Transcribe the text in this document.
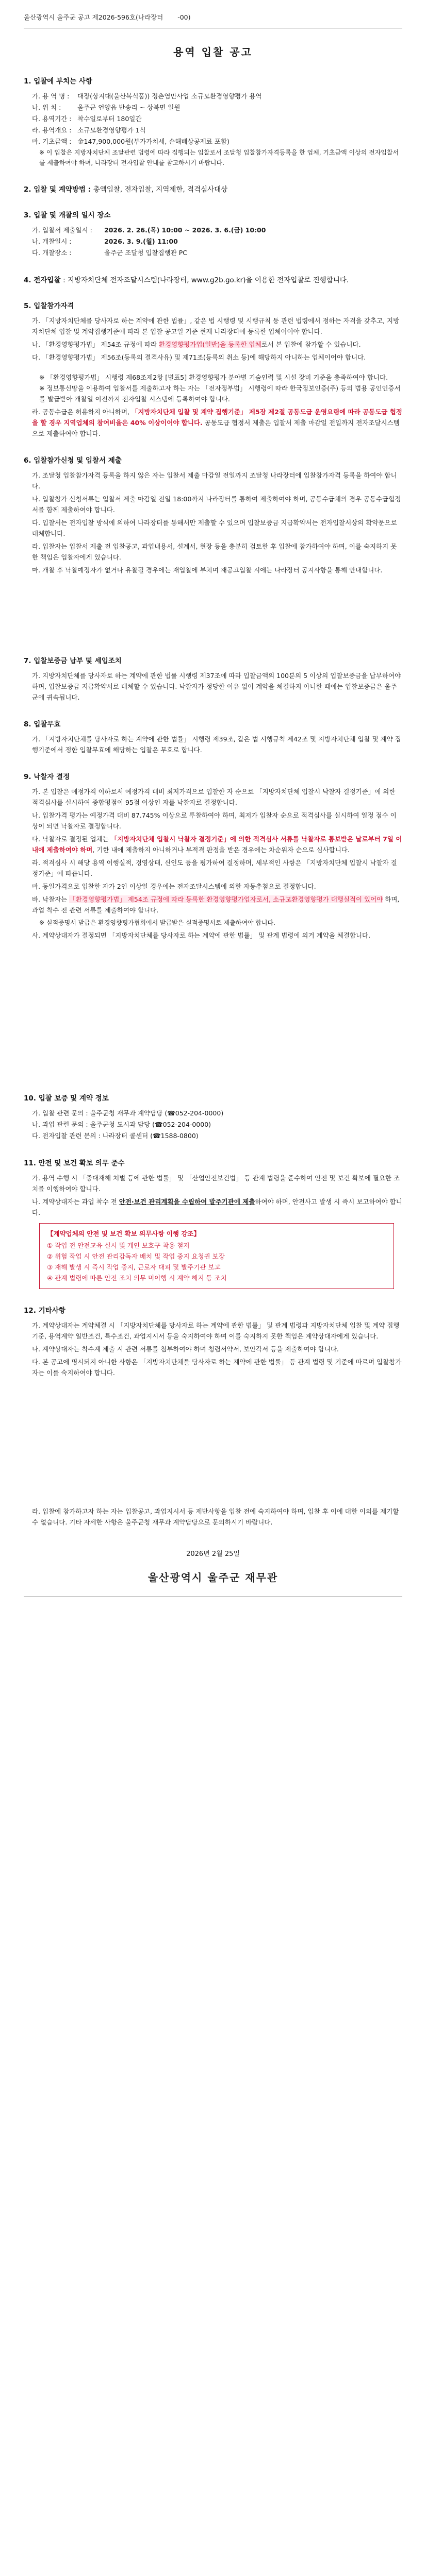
울산광역시 울주군 공고 제2026-596호(나라장터 -00)
용역 입찰 공고
1. 입찰에 부치는 사항
가. 용 역 명 : 대장(상지대(울산복식품)) 정촌염만사업 소규모환경영향평가 용역
나. 위 치 :	울주군 언양읍 반송리 ~ 상북면 일원
다. 용역기간 : 착수일로부터 180일간
라. 용역개요 : 소규모환경영향평가 1식
마. 기초금액 : 金147,900,000원(부가가치세, 손해배상공제료 포함)
※ 이 입찰은 지방자치단체 조달관련 법령에 따라 집행되는 입찰로서 조달청 입찰참가자격등록을 한 업체, 기초금액 이상의 전자입찰서를 제출하여야 하며, 나라장터 전자입찰 안내를 참고하시기 바랍니다.
2. 입찰 및 계약방법 : 총액입찰, 전자입찰, 지역제한, 적격심사대상
3. 입찰 및 개찰의 일시 장소
가. 입찰서 제출일시 : 2026. 2. 26.(목) 10:00 ~ 2026. 3. 6.(금) 10:00
나. 개찰일시 :	2026. 3. 9.(월) 11:00
다. 개찰장소 :	울주군 조달청 입찰집행관 PC
4. 전자입찰 : 지방자치단체 전자조달시스템(나라장터, www.g2b.go.kr)을 이용한 전자입찰로 진행합니다.
5. 입찰참가자격
가. 「지방자치단체를 당사자로 하는 계약에 관한 법률」, 같은 법 시행령 및 시행규칙 등 관련 법령에서 정하는 자격을 갖추고, 지방자치단체 입찰 및 계약집행기준에 따라 본 입찰 공고일 기준 현재 나라장터에 등록한 업체이어야 합니다.
나. 「환경영향평가법」 제54조 규정에 따라 환경영향평가업(일반)을 등록한 업체로서 본 입찰에 참가할 수 있습니다.
다. 「환경영향평가법」 제56조(등록의 결격사유) 및 제71조(등록의 취소 등)에 해당하지 아니하는 업체이어야 합니다.
※ 「환경영향평가법」 시행령 제68조제2항 [별표5] 환경영향평가 분야별 기술인력 및 시설 장비 기준을 충족하여야 합니다.
※ 정보통신망을 이용하여 입찰서를 제출하고자 하는 자는 「전자정부법」 시행령에 따라 한국정보인증(주) 등의 범용 공인인증서를 발급받아 개찰일 이전까지 전자입찰 시스템에 등록하여야 합니다.
라. 공동수급은 허용하지 아니하며, 「지방자치단체 입찰 및 계약 집행기준」 제5장 제2절 공동도급 운영요령에 따라 공동도급 협정을 할 경우 지역업체의 참여비율은 40% 이상이어야 합니다. 공동도급 협정서 제출은 입찰서 제출 마감일 전일까지 전자조달시스템으로 제출하여야 합니다.
6. 입찰참가신청 및 입찰서 제출
가. 조달청 입찰참가자격 등록을 하지 않은 자는 입찰서 제출 마감일 전일까지 조달청 나라장터에 입찰참가자격 등록을 하여야 합니다.
나. 입찰참가 신청서류는 입찰서 제출 마감일 전일 18:00까지 나라장터를 통하여 제출하여야 하며, 공동수급체의 경우 공동수급협정서를 함께 제출하여야 합니다.
다. 입찰서는 전자입찰 방식에 의하여 나라장터를 통해서만 제출할 수 있으며 입찰보증금 지급확약서는 전자입찰서상의 확약문으로 대체합니다.
라. 입찰자는 입찰서 제출 전 입찰공고, 과업내용서, 설계서, 현장 등을 충분히 검토한 후 입찰에 참가하여야 하며, 이를 숙지하지 못한 책임은 입찰자에게 있습니다.
마. 개찰 후 낙찰예정자가 없거나 유찰될 경우에는 재입찰에 부치며 재공고입찰 시에는 나라장터 공지사항을 통해 안내합니다.
7. 입찰보증금 납부 및 세입조치
가. 지방자치단체를 당사자로 하는 계약에 관한 법률 시행령 제37조에 따라 입찰금액의 100분의 5 이상의 입찰보증금을 납부하여야 하며, 입찰보증금 지급확약서로 대체할 수 있습니다. 낙찰자가 정당한 이유 없이 계약을 체결하지 아니한 때에는 입찰보증금은 울주군에 귀속됩니다.
8. 입찰무효
가. 「지방자치단체를 당사자로 하는 계약에 관한 법률」 시행령 제39조, 같은 법 시행규칙 제42조 및 지방자치단체 입찰 및 계약 집행기준에서 정한 입찰무효에 해당하는 입찰은 무효로 합니다.
9. 낙찰자 결정
가. 본 입찰은 예정가격 이하로서 예정가격 대비 최저가격으로 입찰한 자 순으로 「지방자치단체 입찰시 낙찰자 결정기준」에 의한 적격심사를 실시하여 종합평점이 95점 이상인 자를 낙찰자로 결정합니다.
나. 입찰가격 평가는 예정가격 대비 87.745% 이상으로 투찰하여야 하며, 최저가 입찰자 순으로 적격심사를 실시하여 일정 점수 이상이 되면 낙찰자로 결정합니다.
다. 낙찰자로 결정된 업체는 「지방자치단체 입찰시 낙찰자 결정기준」에 의한 적격심사 서류를 낙찰자로 통보받은 날로부터 7일 이내에 제출하여야 하며, 기한 내에 제출하지 아니하거나 부적격 판정을 받은 경우에는 차순위자 순으로 심사합니다.
라. 적격심사 시 해당 용역 이행실적, 경영상태, 신인도 등을 평가하여 결정하며, 세부적인 사항은 「지방자치단체 입찰시 낙찰자 결정기준」에 따릅니다.
마. 동일가격으로 입찰한 자가 2인 이상일 경우에는 전자조달시스템에 의한 자동추첨으로 결정합니다.
바. 낙찰자는 「환경영향평가법」 제54조 규정에 따라 등록한 환경영향평가업자로서, 소규모환경영향평가 대행실적이 있어야 하며, 과업 착수 전 관련 서류를 제출하여야 합니다.
※ 실적증명서 발급은 환경영향평가협회에서 발급받은 실적증명서로 제출하여야 합니다.
사. 계약상대자가 결정되면 「지방자치단체를 당사자로 하는 계약에 관한 법률」 및 관계 법령에 의거 계약을 체결합니다.
10. 입찰 보증 및 계약 정보
가. 입찰 관련 문의 : 울주군청 재무과 계약담당 (☎052-204-0000)
나. 과업 관련 문의 : 울주군청 도시과 담당 (☎052-204-0000)
다. 전자입찰 관련 문의 : 나라장터 콜센터 (☎1588-0800)
11. 안전 및 보건 확보 의무 준수
가. 용역 수행 시 「중대재해 처벌 등에 관한 법률」 및 「산업안전보건법」 등 관계 법령을 준수하여 안전 및 보건 확보에 필요한 조치를 이행하여야 합니다.
나. 계약상대자는 과업 착수 전 안전·보건 관리계획을 수립하여 발주기관에 제출하여야 하며, 안전사고 발생 시 즉시 보고하여야 합니다.
【계약업체의 안전 및 보건 확보 의무사항 이행 강조】
① 작업 전 안전교육 실시 및 개인 보호구 착용 철저
② 위험 작업 시 안전 관리감독자 배치 및 작업 중지 요청권 보장
③ 재해 발생 시 즉시 작업 중지, 근로자 대피 및 발주기관 보고
④ 관계 법령에 따른 안전 조치 의무 미이행 시 계약 해지 등 조치
12. 기타사항
가. 계약상대자는 계약체결 시 「지방자치단체를 당사자로 하는 계약에 관한 법률」 및 관계 법령과 지방자치단체 입찰 및 계약 집행기준, 용역계약 일반조건, 특수조건, 과업지시서 등을 숙지하여야 하며 이를 숙지하지 못한 책임은 계약상대자에게 있습니다.
나. 계약상대자는 착수계 제출 시 관련 서류를 첨부하여야 하며 청렴서약서, 보안각서 등을 제출하여야 합니다.
다. 본 공고에 명시되지 아니한 사항은 「지방자치단체를 당사자로 하는 계약에 관한 법률」 등 관계 법령 및 기준에 따르며 입찰참가자는 이를 숙지하여야 합니다.
라. 입찰에 참가하고자 하는 자는 입찰공고, 과업지시서 등 제반사항을 입찰 전에 숙지하여야 하며, 입찰 후 이에 대한 이의를 제기할 수 없습니다. 기타 자세한 사항은 울주군청 재무과 계약담당으로 문의하시기 바랍니다.
2026년 2월 25일
울산광역시 울주군 재무관
